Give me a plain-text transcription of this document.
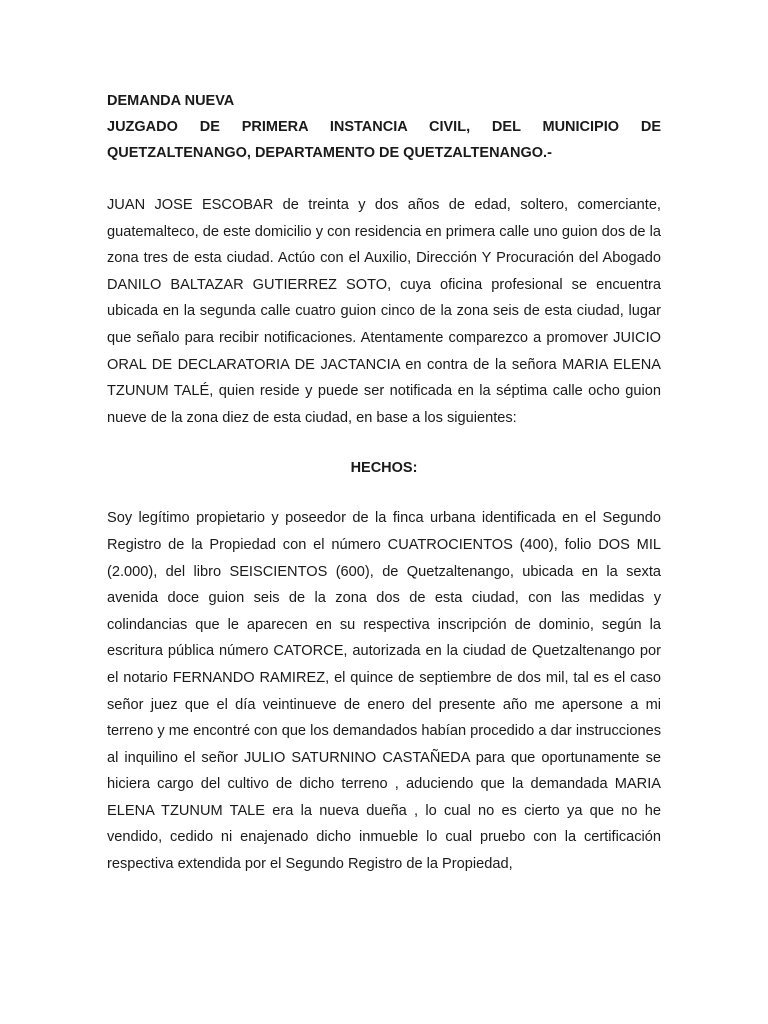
DEMANDA NUEVA

JUZGADO DE PRIMERA INSTANCIA CIVIL, DEL MUNICIPIO DE QUETZALTENANGO, DEPARTAMENTO DE QUETZALTENANGO.-

JUAN JOSE ESCOBAR de treinta y dos años de edad, soltero, comerciante, guatemalteco, de este domicilio y con residencia en primera calle uno guion dos de la zona tres de esta ciudad. Actúo con el Auxilio, Dirección Y Procuración del Abogado DANILO BALTAZAR GUTIERREZ SOTO, cuya oficina profesional se encuentra ubicada en la segunda calle cuatro guion cinco de la zona seis de esta ciudad, lugar que señalo para recibir notificaciones. Atentamente comparezco a promover JUICIO ORAL DE DECLARATORIA DE JACTANCIA en contra de la señora MARIA ELENA TZUNUM TALÉ, quien reside y puede ser notificada en la séptima calle ocho guion nueve de la zona diez de esta ciudad, en base a los siguientes:

HECHOS:

Soy legítimo propietario y poseedor de la finca urbana identificada en el Segundo Registro de la Propiedad con el número CUATROCIENTOS (400), folio DOS MIL (2.000), del libro SEISCIENTOS (600), de Quetzaltenango, ubicada en la sexta avenida doce guion seis de la zona dos de esta ciudad, con las medidas y colindancias que le aparecen en su respectiva inscripción de dominio, según la escritura pública número CATORCE, autorizada en la ciudad de Quetzaltenango por el notario FERNANDO RAMIREZ, el quince de septiembre de dos mil, tal es el caso señor juez que el día veintinueve de enero del presente año me apersone a mi terreno y me encontré con que los demandados habían procedido a dar instrucciones al inquilino el señor JULIO SATURNINO CASTAÑEDA para que oportunamente se hiciera cargo del cultivo de dicho terreno , aduciendo que la demandada MARIA ELENA TZUNUM TALE era la nueva dueña , lo cual no es cierto ya que no he vendido, cedido ni enajenado dicho inmueble lo cual pruebo con la certificación respectiva extendida por el Segundo Registro de la Propiedad,
